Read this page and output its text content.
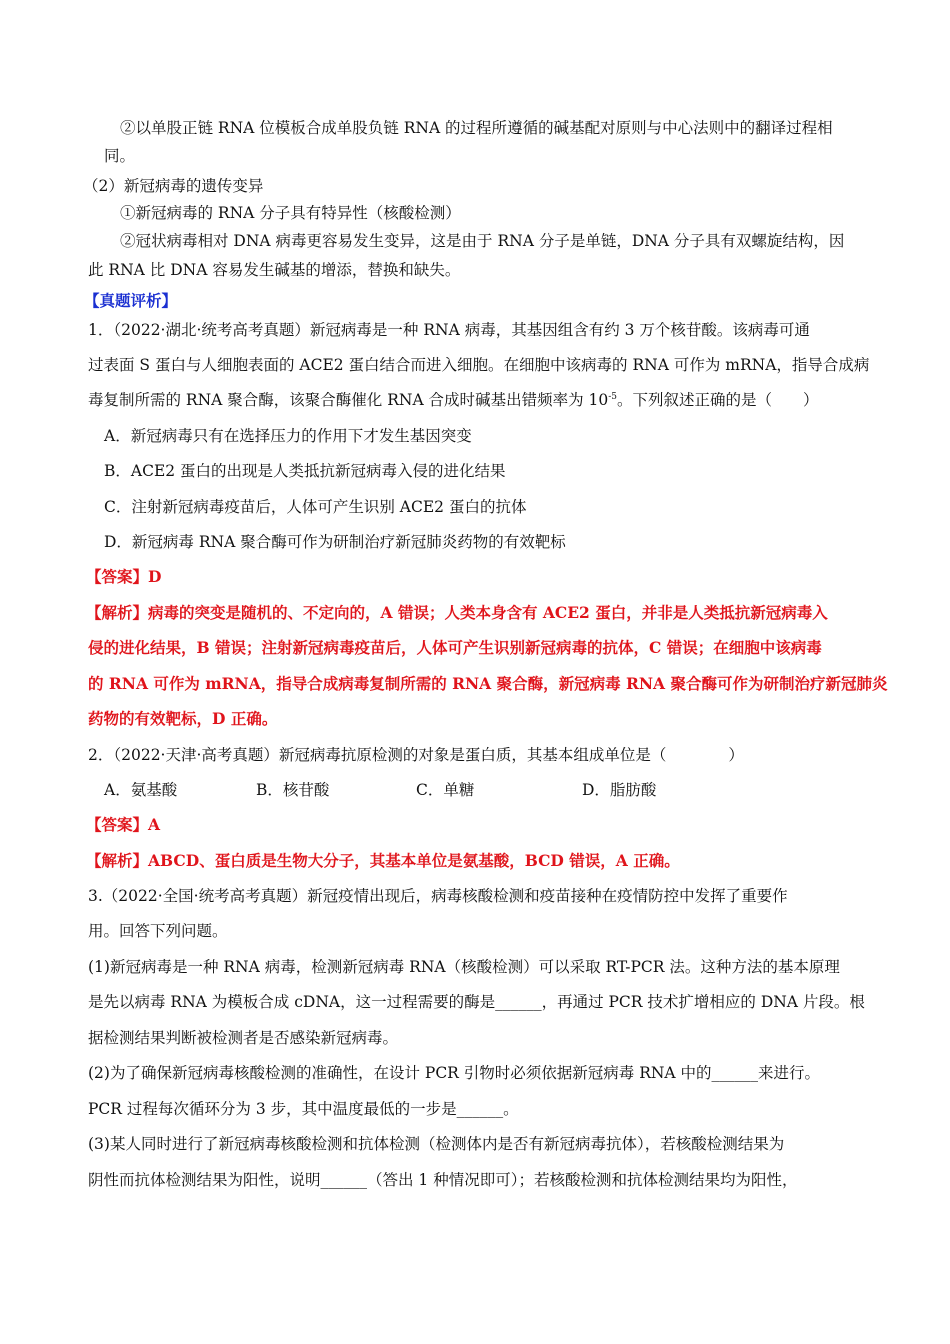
②以单股正链 RNA 位模板合成单股负链 RNA 的过程所遵循的碱基配对原则与中心法则中的翻译过程相
同。
（2）新冠病毒的遗传变异
①新冠病毒的 RNA 分子具有特异性（核酸检测）
②冠状病毒相对 DNA 病毒更容易发生变异，这是由于 RNA 分子是单链，DNA 分子具有双螺旋结构，因
此 RNA 比 DNA 容易发生碱基的增添，替换和缺失。
【真题评析】
1．（2022·湖北·统考高考真题）新冠病毒是一种 RNA 病毒，其基因组含有约 3 万个核苷酸。该病毒可通
过表面 S 蛋白与人细胞表面的 ACE2 蛋白结合而进入细胞。在细胞中该病毒的 RNA 可作为 mRNA，指导合成病
毒复制所需的 RNA 聚合酶，该聚合酶催化 RNA 合成时碱基出错频率为 $10^{-5}$。下列叙述正确的是（　　）
A．新冠病毒只有在选择压力的作用下才发生基因突变
B．ACE2 蛋白的出现是人类抵抗新冠病毒入侵的进化结果
C．注射新冠病毒疫苗后，人体可产生识别 ACE2 蛋白的抗体
D．新冠病毒 RNA 聚合酶可作为研制治疗新冠肺炎药物的有效靶标
【答案】D
【解析】病毒的突变是随机的、不定向的，A 错误；人类本身含有 ACE2 蛋白，并非是人类抵抗新冠病毒入
侵的进化结果，B 错误；注射新冠病毒疫苗后，人体可产生识别新冠病毒的抗体，C 错误；在细胞中该病毒
的 RNA 可作为 mRNA，指导合成病毒复制所需的 RNA 聚合酶，新冠病毒 RNA 聚合酶可作为研制治疗新冠肺炎
药物的有效靶标，D 正确。
2．（2022·天津·高考真题）新冠病毒抗原检测的对象是蛋白质，其基本组成单位是（　　　　）
A．氨基酸	B．核苷酸	C．单糖	D．脂肪酸
【答案】A
【解析】ABCD、蛋白质是生物大分子，其基本单位是氨基酸，BCD 错误，A 正确。
3.（2022·全国·统考高考真题）新冠疫情出现后，病毒核酸检测和疫苗接种在疫情防控中发挥了重要作
用。回答下列问题。
(1)新冠病毒是一种 RNA 病毒，检测新冠病毒 RNA（核酸检测）可以采取 RT-PCR 法。这种方法的基本原理
是先以病毒 RNA 为模板合成 cDNA，这一过程需要的酶是______，再通过 PCR 技术扩增相应的 DNA 片段。根
据检测结果判断被检测者是否感染新冠病毒。
(2)为了确保新冠病毒核酸检测的准确性，在设计 PCR 引物时必须依据新冠病毒 RNA 中的______来进行。
PCR 过程每次循环分为 3 步，其中温度最低的一步是______。
(3)某人同时进行了新冠病毒核酸检测和抗体检测（检测体内是否有新冠病毒抗体），若核酸检测结果为
阴性而抗体检测结果为阳性，说明______（答出 1 种情况即可）；若核酸检测和抗体检测结果均为阳性，
